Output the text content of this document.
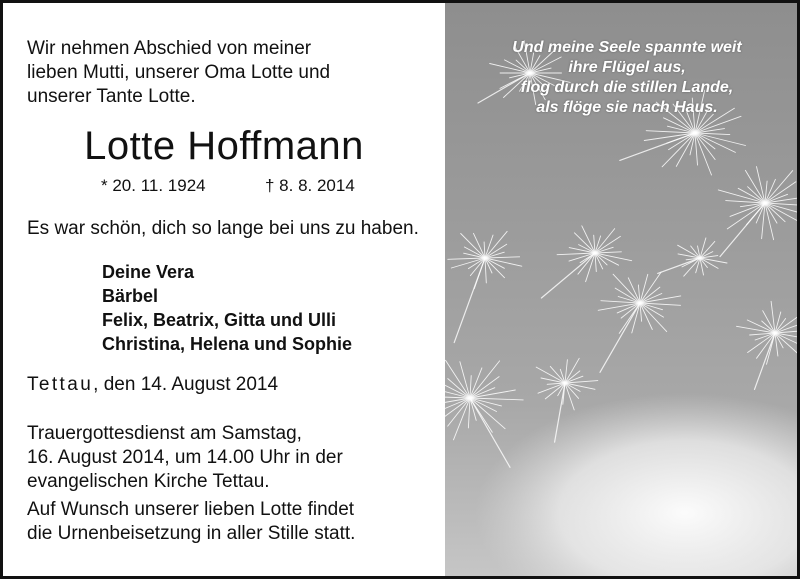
Wir nehmen Abschied von meiner
lieben Mutti, unserer Oma Lotte und
unserer Tante Lotte.
Lotte Hoffmann
* 20. 11. 1924	† 8. 8. 2014
Es war schön, dich so lange bei uns zu haben.
Deine Vera
Bärbel
Felix, Beatrix, Gitta und Ulli
Christina, Helena und Sophie
Tettau, den 14. August 2014
Trauergottesdienst am Samstag,
16. August 2014, um 14.00 Uhr in der
evangelischen Kirche Tettau.
Auf Wunsch unserer lieben Lotte findet
die Urnenbeisetzung in aller Stille statt.
Und meine Seele spannte weit
ihre Flügel aus,
flog durch die stillen Lande,
als flöge sie nach Haus.
